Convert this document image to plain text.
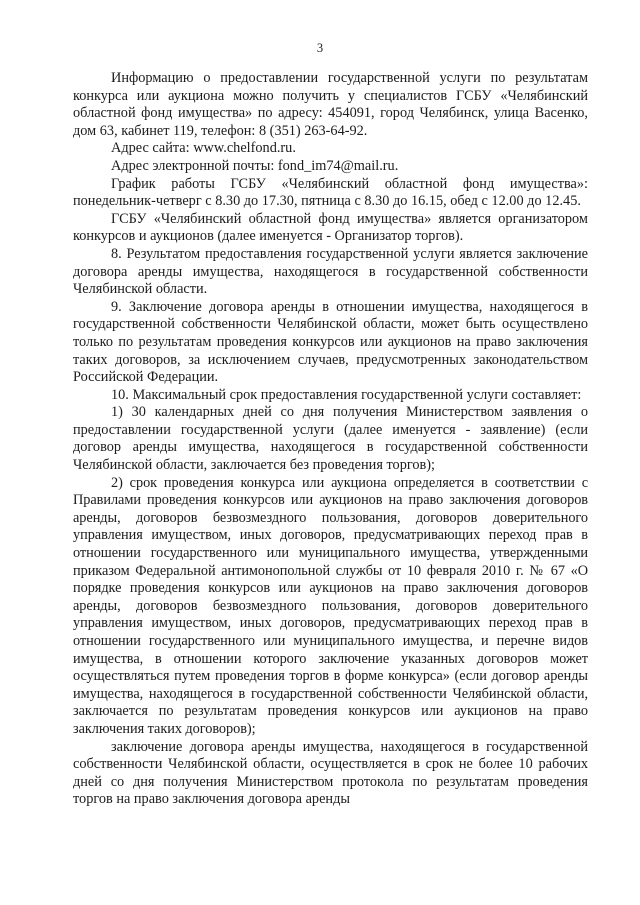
3

Информацию о предоставлении государственной услуги по результатам конкурса или аукциона можно получить у специалистов ГСБУ «Челябинский областной фонд имущества» по адресу: 454091, город Челябинск, улица Васенко, дом 63, кабинет 119, телефон: 8 (351) 263-64-92.

Адрес сайта: www.chelfond.ru.

Адрес электронной почты: fond_im74@mail.ru.

График работы ГСБУ «Челябинский областной фонд имущества»: понедельник-четверг с 8.30 до 17.30, пятница с 8.30 до 16.15, обед с 12.00 до 12.45.

ГСБУ «Челябинский областной фонд имущества» является организатором конкурсов и аукционов (далее именуется - Организатор торгов).

8. Результатом предоставления государственной услуги является заключение договора аренды имущества, находящегося в государственной собственности Челябинской области.

9. Заключение договора аренды в отношении имущества, находящегося в государственной собственности Челябинской области, может быть осуществлено только по результатам проведения конкурсов или аукционов на право заключения таких договоров, за исключением случаев, предусмотренных законодательством Российской Федерации.

10. Максимальный срок предоставления государственной услуги составляет:

1) 30 календарных дней со дня получения Министерством заявления о предоставлении государственной услуги (далее именуется - заявление) (если договор аренды имущества, находящегося в государственной собственности Челябинской области, заключается без проведения торгов);

2) срок проведения конкурса или аукциона определяется в соответствии с Правилами проведения конкурсов или аукционов на право заключения договоров аренды, договоров безвозмездного пользования, договоров доверительного управления имуществом, иных договоров, предусматривающих переход прав в отношении государственного или муниципального имущества, утвержденными приказом Федеральной антимонопольной службы от 10 февраля 2010 г. № 67 «О порядке проведения конкурсов или аукционов на право заключения договоров аренды, договоров безвозмездного пользования, договоров доверительного управления имуществом, иных договоров, предусматривающих переход прав в отношении государственного или муниципального имущества, и перечне видов имущества, в отношении которого заключение указанных договоров может осуществляться путем проведения торгов в форме конкурса» (если договор аренды имущества, находящегося в государственной собственности Челябинской области, заключается по результатам проведения конкурсов или аукционов на право заключения таких договоров);

заключение договора аренды имущества, находящегося в государственной собственности Челябинской области, осуществляется в срок не более 10 рабочих дней со дня получения Министерством протокола по результатам проведения торгов на право заключения договора аренды
